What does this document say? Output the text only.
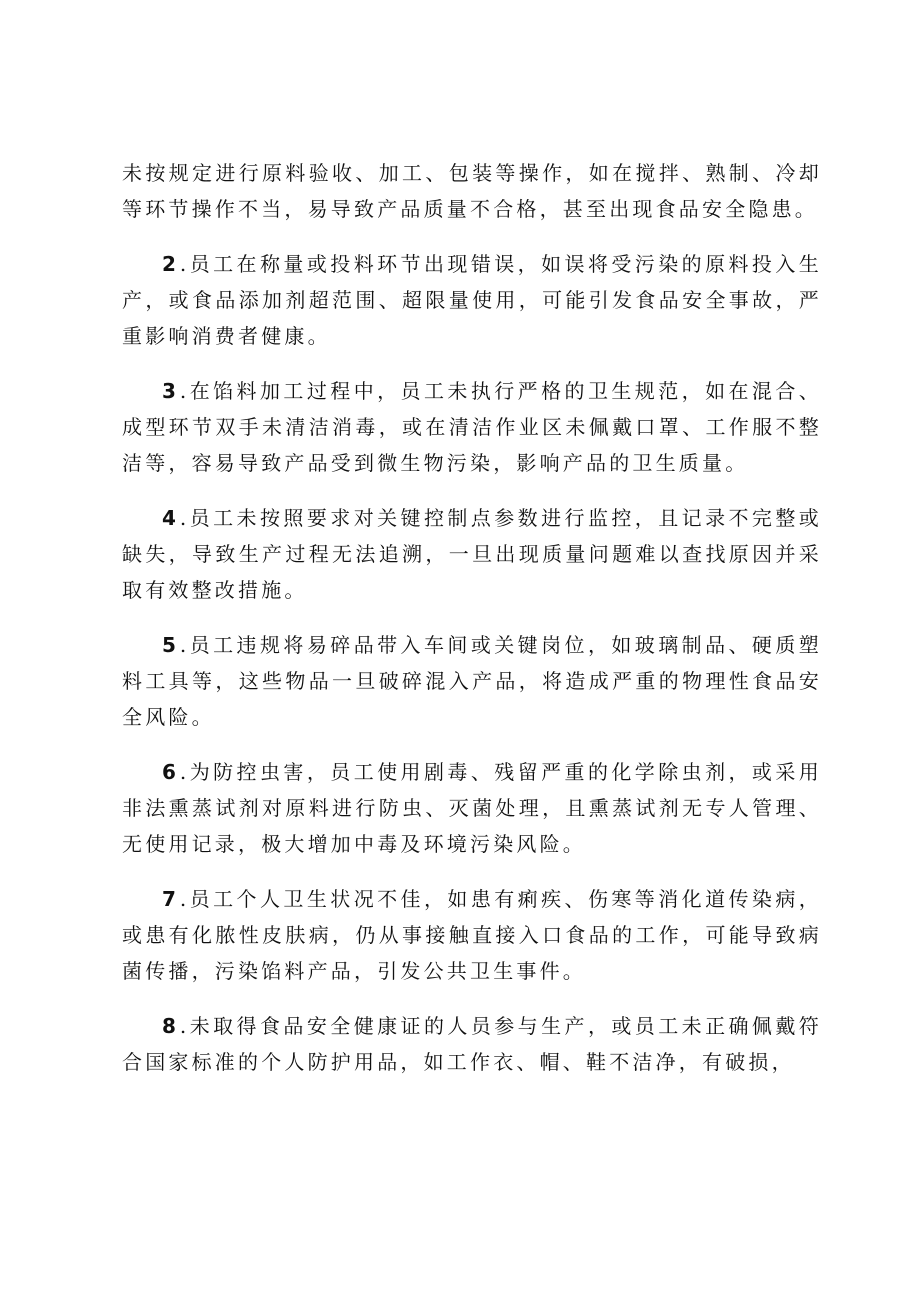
未按规定进行原料验收、加工、包装等操作，如在搅拌、熟制、冷却等环节操作不当，易导致产品质量不合格，甚至出现食品安全隐患。

2.员工在称量或投料环节出现错误，如误将受污染的原料投入生产，或食品添加剂超范围、超限量使用，可能引发食品安全事故，严重影响消费者健康。

3.在馅料加工过程中，员工未执行严格的卫生规范，如在混合、成型环节双手未清洁消毒，或在清洁作业区未佩戴口罩、工作服不整洁等，容易导致产品受到微生物污染，影响产品的卫生质量。

4.员工未按照要求对关键控制点参数进行监控，且记录不完整或缺失，导致生产过程无法追溯，一旦出现质量问题难以查找原因并采取有效整改措施。

5.员工违规将易碎品带入车间或关键岗位，如玻璃制品、硬质塑料工具等，这些物品一旦破碎混入产品，将造成严重的物理性食品安全风险。

6.为防控虫害，员工使用剧毒、残留严重的化学除虫剂，或采用非法熏蒸试剂对原料进行防虫、灭菌处理，且熏蒸试剂无专人管理、无使用记录，极大增加中毒及环境污染风险。

7.员工个人卫生状况不佳，如患有痢疾、伤寒等消化道传染病，或患有化脓性皮肤病，仍从事接触直接入口食品的工作，可能导致病菌传播，污染馅料产品，引发公共卫生事件。

8.未取得食品安全健康证的人员参与生产，或员工未正确佩戴符合国家标准的个人防护用品，如工作衣、帽、鞋不洁净，有破损，
